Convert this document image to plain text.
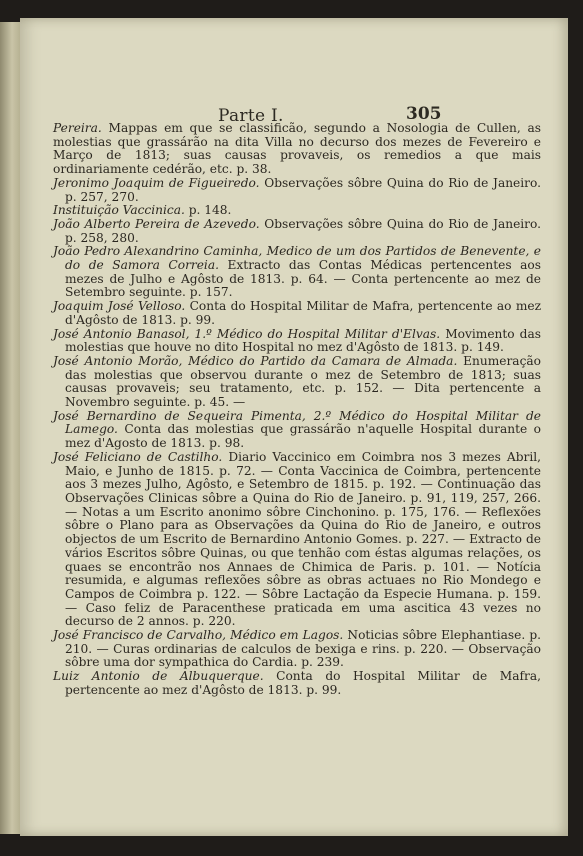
Parte I.	305

Pereira. Mappas em que se classificão, segundo a Nosologia de Cullen, as molestias que grassárão na dita Villa no decurso dos mezes de Fevereiro e Março de 1813; suas causas provaveis, os remedios a que mais ordinariamente cedérão, etc. p. 38.

Jeronimo Joaquim de Figueiredo. Observações sôbre Quina do Rio de Janeiro. p. 257, 270.

Instituição Vaccinica. p. 148.

João Alberto Pereira de Azevedo. Observações sôbre Quina do Rio de Janeiro. p. 258, 280.

João Pedro Alexandrino Caminha, Medico de um dos Partidos de Benevente, e do de Samora Correia. Extracto das Contas Médicas pertencentes aos mezes de Julho e Agôsto de 1813. p. 64. — Conta pertencente ao mez de Setembro seguinte. p. 157.

Joaquim José Velloso. Conta do Hospital Militar de Mafra, pertencente ao mez d'Agôsto de 1813. p. 99.

José Antonio Banasol, 1.º Médico do Hospital Militar d'Elvas. Movimento das molestias que houve no dito Hospital no mez d'Agôsto de 1813. p. 149.

José Antonio Morão, Médico do Partido da Camara de Almada. Enumeração das molestias que observou durante o mez de Setembro de 1813; suas causas provaveis; seu tratamento, etc. p. 152. — Dita pertencente a Novembro seguinte. p. 45. —

José Bernardino de Sequeira Pimenta, 2.º Médico do Hospital Militar de Lamego. Conta das molestias que grassárão n'aquelle Hospital durante o mez d'Agosto de 1813. p. 98.

José Feliciano de Castilho. Diario Vaccinico em Coimbra nos 3 mezes Abril, Maio, e Junho de 1815. p. 72. — Conta Vaccinica de Coimbra, pertencente aos 3 mezes Julho, Agôsto, e Setembro de 1815. p. 192. — Continuação das Observações Clinicas sôbre a Quina do Rio de Janeiro. p. 91, 119, 257, 266. — Notas a um Escrito anonimo sôbre Cinchonino. p. 175, 176. — Reflexões sôbre o Plano para as Observações da Quina do Rio de Janeiro, e outros objectos de um Escrito de Bernardino Antonio Gomes. p. 227. — Extracto de vários Escritos sôbre Quinas, ou que tenhão com éstas algumas relações, os quaes se encontrão nos Annaes de Chimica de Paris. p. 101. — Notícia resumida, e algumas reflexões sôbre as obras actuaes no Rio Mondego e Campos de Coimbra p. 122. — Sôbre Lactação da Especie Humana. p. 159. — Caso feliz de Paracenthese praticada em uma ascitica 43 vezes no decurso de 2 annos. p. 220.

José Francisco de Carvalho, Médico em Lagos. Noticias sôbre Elephantiase. p. 210. — Curas ordinarias de calculos de bexiga e rins. p. 220. — Observação sôbre uma dor sympathica do Cardia. p. 239.

Luiz Antonio de Albuquerque. Conta do Hospital Militar de Mafra, pertencente ao mez d'Agôsto de 1813. p. 99.
